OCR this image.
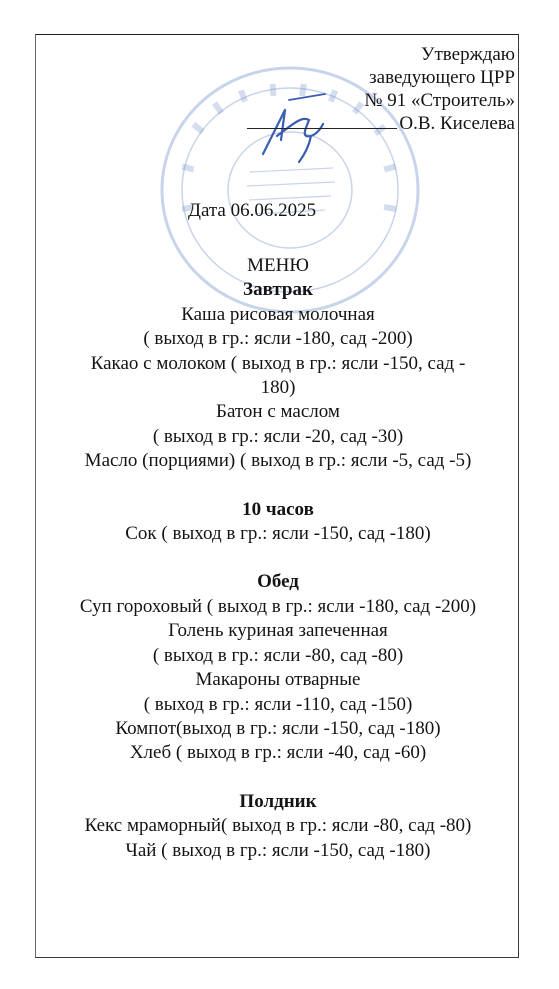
Утверждаю
заведующего ЦРР
№ 91 «Строитель»
О.В. Киселева
Дата 06.06.2025
МЕНЮ
Завтрак
Каша рисовая молочная
( выход в гр.: ясли -180, сад -200)
Какао с молоком ( выход в гр.: ясли -150, сад -
180)
Батон с маслом
( выход в гр.: ясли -20, сад -30)
Масло (порциями) ( выход в гр.: ясли -5, сад -5)
10 часов
Сок ( выход в гр.: ясли -150, сад -180)
Обед
Суп гороховый ( выход в гр.: ясли -180, сад -200)
Голень куриная запеченная
( выход в гр.: ясли -80, сад -80)
Макароны отварные
( выход в гр.: ясли -110, сад -150)
Компот(выход в гр.: ясли -150, сад -180)
Хлеб ( выход в гр.: ясли -40, сад -60)
Полдник
Кекс мраморный( выход в гр.: ясли -80, сад -80)
Чай ( выход в гр.: ясли -150, сад -180)
